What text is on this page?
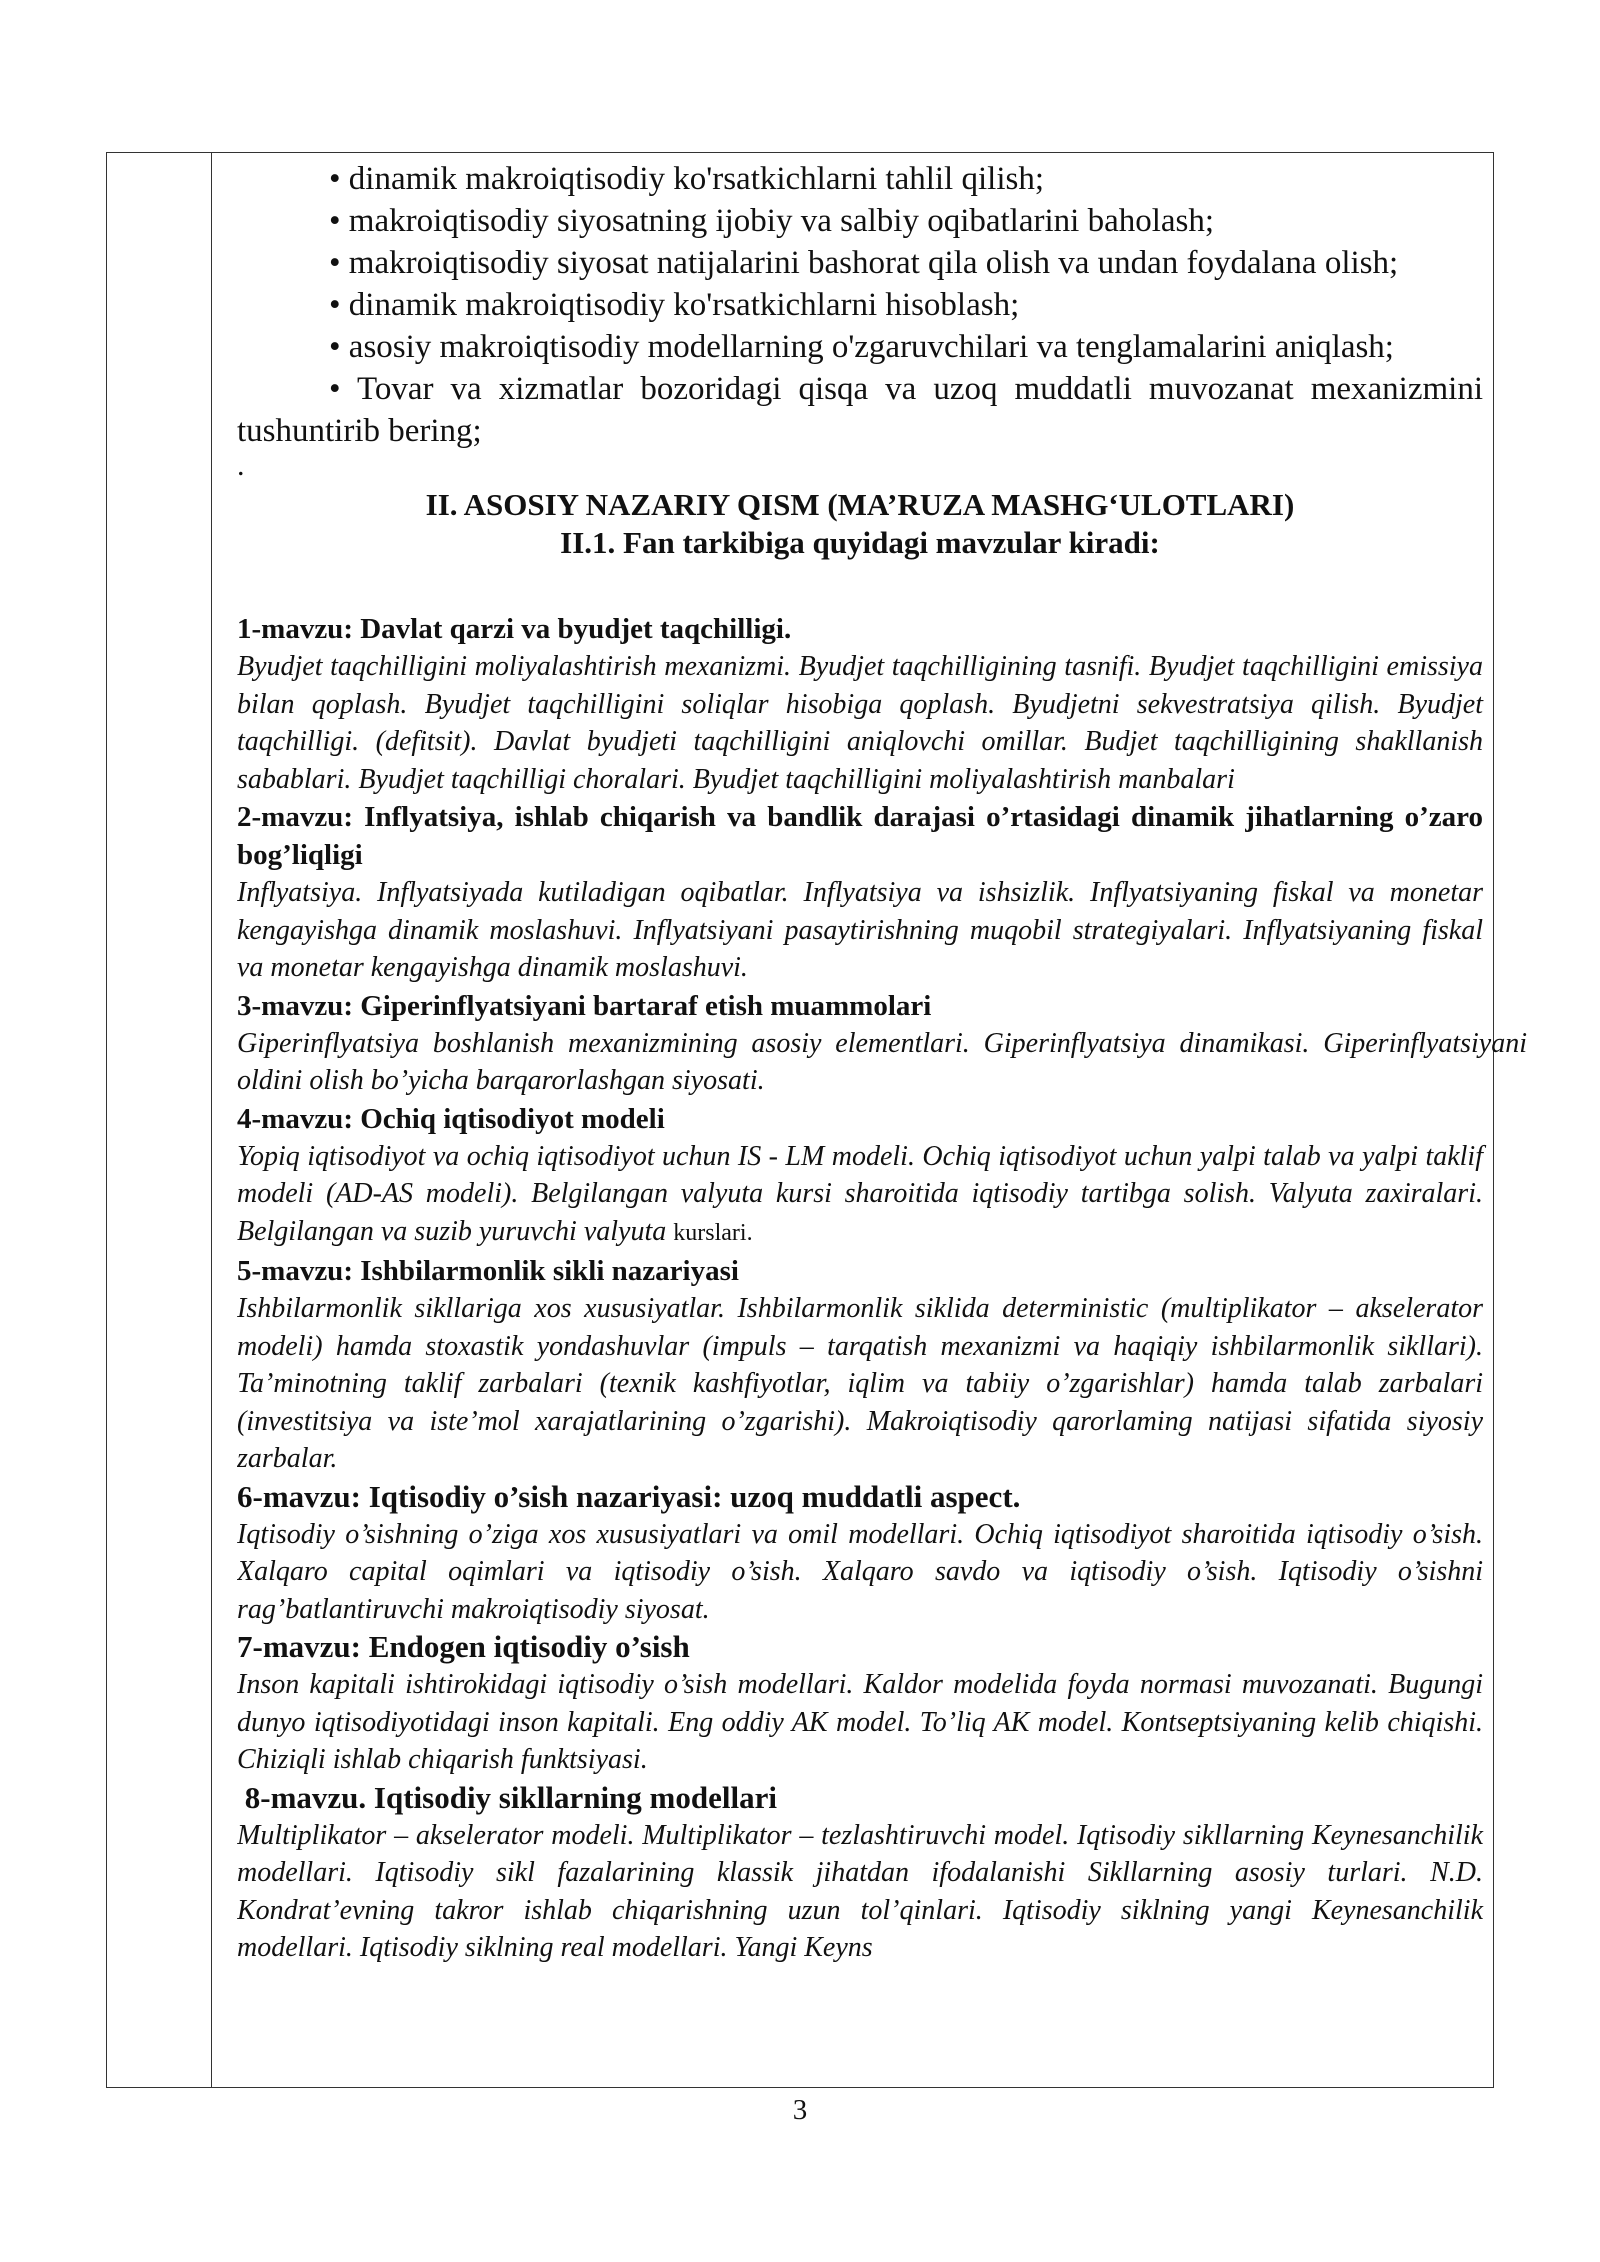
• dinamik makroiqtisodiy ko'rsatkichlarni tahlil qilish;

• makroiqtisodiy siyosatning ijobiy va salbiy oqibatlarini baholash;

• makroiqtisodiy siyosat natijalarini bashorat qila olish va undan foydalana olish;

• dinamik makroiqtisodiy ko'rsatkichlarni hisoblash;

• asosiy makroiqtisodiy modellarning o'zgaruvchilari va tenglamalarini aniqlash;

• Tovar va xizmatlar bozoridagi qisqa va uzoq muddatli muvozanat mexanizmini tushuntirib bering;

.

II. ASOSIY NAZARIY QISM (MA’RUZA MASHG‘ULOTLARI)

II.1. Fan tarkibiga quyidagi mavzular kiradi:

1-mavzu: Davlat qarzi va byudjet taqchilligi.

Byudjet taqchilligini moliyalashtirish mexanizmi. Byudjet taqchilligining tasnifi. Byudjet taqchilligini emissiya bilan qoplash. Byudjet taqchilligini soliqlar hisobiga qoplash. Byudjetni sekvestratsiya qilish. Byudjet taqchilligi. (defitsit). Davlat byudjeti taqchilligini aniqlovchi omillar. Budjet taqchilligining shakllanish sabablari. Byudjet taqchilligi choralari. Byudjet taqchilligini moliyalashtirish manbalari

2-mavzu: Inflyatsiya, ishlab chiqarish va bandlik darajasi o’rtasidagi dinamik jihatlarning o’zaro bog’liqligi

Inflyatsiya. Inflyatsiyada kutiladigan oqibatlar. Inflyatsiya va ishsizlik. Inflyatsiyaning fiskal va monetar kengayishga dinamik moslashuvi. Inflyatsiyani pasaytirishning muqobil strategiyalari. Inflyatsiyaning fiskal va monetar kengayishga dinamik moslashuvi.

3-mavzu: Giperinflyatsiyani bartaraf etish muammolari

Giperinflyatsiya boshlanish mexanizmining asosiy elementlari. Giperinflyatsiya dinamikasi. Giperinflyatsiyani oldini olish bo’yicha barqarorlashgan siyosati.

4-mavzu: Ochiq iqtisodiyot modeli

Yopiq iqtisodiyot va ochiq iqtisodiyot uchun IS - LM modeli. Ochiq iqtisodiyot uchun yalpi talab va yalpi taklif modeli (AD-AS modeli). Belgilangan valyuta kursi sharoitida iqtisodiy tartibga solish. Valyuta zaxiralari. Belgilangan va suzib yuruvchi valyuta kurslari.

5-mavzu: Ishbilarmonlik sikli nazariyasi

Ishbilarmonlik sikllariga xos xususiyatlar. Ishbilarmonlik siklida deterministic (multiplikator – akselerator modeli) hamda stoxastik yondashuvlar (impuls – tarqatish mexanizmi va haqiqiy ishbilarmonlik sikllari). Ta’minotning taklif zarbalari (texnik kashfiyotlar, iqlim va tabiiy o’zgarishlar) hamda talab zarbalari (investitsiya va iste’mol xarajatlarining o’zgarishi). Makroiqtisodiy qarorlaming natijasi sifatida siyosiy zarbalar.

6-mavzu: Iqtisodiy o’sish nazariyasi: uzoq muddatli aspect.

Iqtisodiy o’sishning o’ziga xos xususiyatlari va omil modellari. Ochiq iqtisodiyot sharoitida iqtisodiy o’sish. Xalqaro capital oqimlari va iqtisodiy o’sish. Xalqaro savdo va iqtisodiy o’sish. Iqtisodiy o’sishni rag’batlantiruvchi makroiqtisodiy siyosat.

7-mavzu: Endogen iqtisodiy o’sish

Inson kapitali ishtirokidagi iqtisodiy o’sish modellari. Kaldor modelida foyda normasi muvozanati. Bugungi dunyo iqtisodiyotidagi inson kapitali. Eng oddiy AK model. To’liq AK model. Kontseptsiyaning kelib chiqishi. Chiziqli ishlab chiqarish funktsiyasi.

8-mavzu. Iqtisodiy sikllarning modellari

Multiplikator – akselerator modeli. Multiplikator – tezlashtiruvchi model. Iqtisodiy sikllarning Keynesanchilik modellari. Iqtisodiy sikl fazalarining klassik jihatdan ifodalanishi Sikllarning asosiy turlari. N.D. Kondrat’evning takror ishlab chiqarishning uzun tol’qinlari. Iqtisodiy siklning yangi Keynesanchilik modellari. Iqtisodiy siklning real modellari. Yangi Keyns

3
